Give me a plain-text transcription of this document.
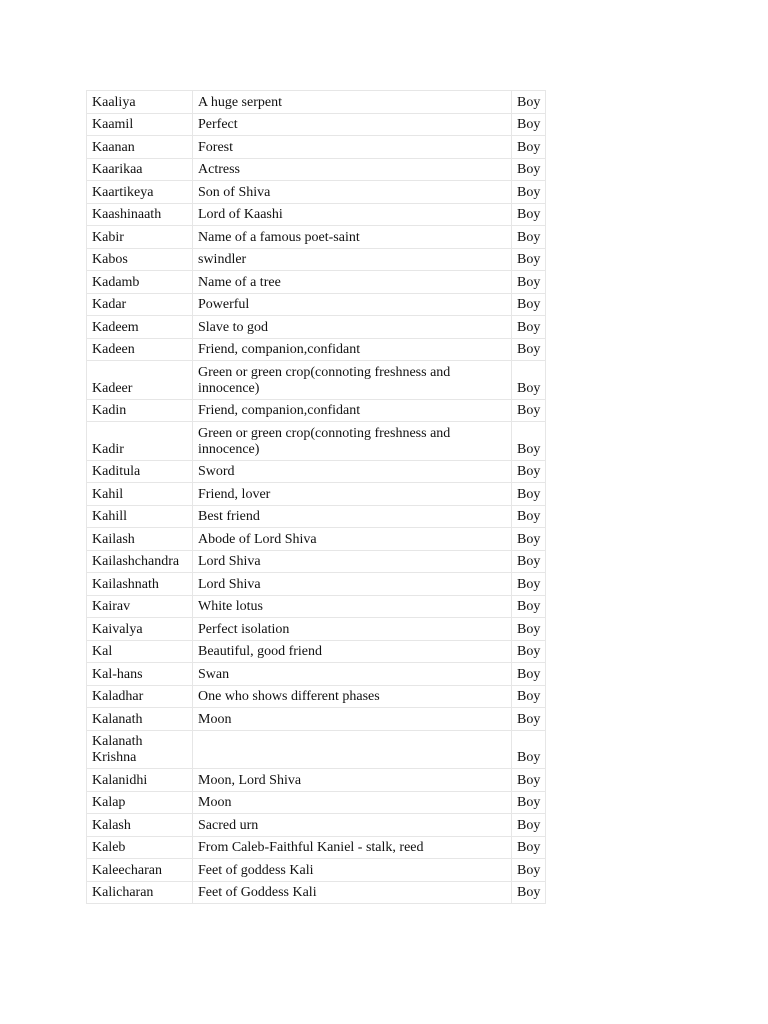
Kaaliya	A huge serpent	Boy
Kaamil	Perfect	Boy
Kaanan	Forest	Boy
Kaarikaa	Actress	Boy
Kaartikeya	Son of Shiva	Boy
Kaashinaath	Lord of Kaashi	Boy
Kabir	Name of a famous poet-saint	Boy
Kabos	swindler	Boy
Kadamb	Name of a tree	Boy
Kadar	Powerful	Boy
Kadeem	Slave to god	Boy
Kadeen	Friend, companion,confidant	Boy
Kadeer	Green or green crop(connoting freshness and innocence)	Boy
Kadin	Friend, companion,confidant	Boy
Kadir	Green or green crop(connoting freshness and innocence)	Boy
Kaditula	Sword	Boy
Kahil	Friend, lover	Boy
Kahill	Best friend	Boy
Kailash	Abode of Lord Shiva	Boy
Kailashchandra	Lord Shiva	Boy
Kailashnath	Lord Shiva	Boy
Kairav	White lotus	Boy
Kaivalya	Perfect isolation	Boy
Kal	Beautiful, good friend	Boy
Kal-hans	Swan	Boy
Kaladhar	One who shows different phases	Boy
Kalanath	Moon	Boy
Kalanath Krishna		Boy
Kalanidhi	Moon, Lord Shiva	Boy
Kalap	Moon	Boy
Kalash	Sacred urn	Boy
Kaleb	From Caleb-Faithful Kaniel - stalk, reed	Boy
Kaleecharan	Feet of goddess Kali	Boy
Kalicharan	Feet of Goddess Kali	Boy
